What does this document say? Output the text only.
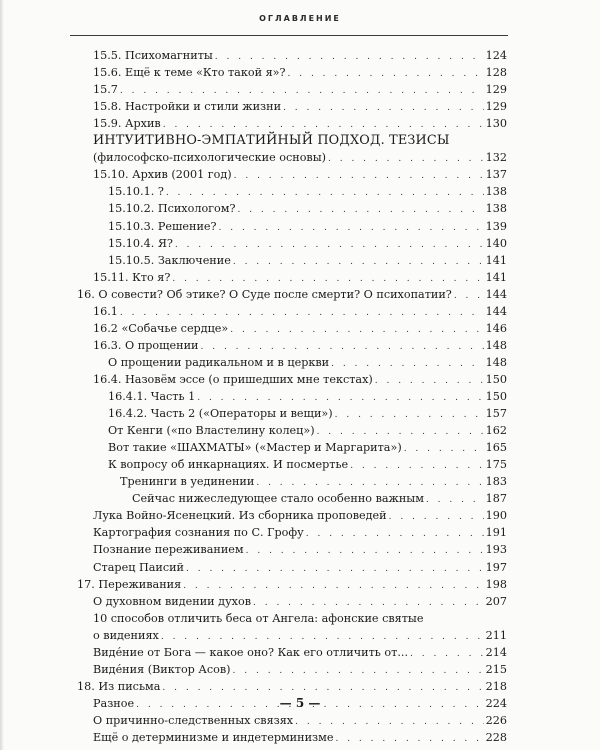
ОГЛАВЛЕНИЕ
15.5. Психомагниты . . .	124
15.6. Ещё к теме «Кто такой я»? . . .	128
15.7 . . .	129
15.8. Настройки и стили жизни . . .	129
15.9. Архив . . .	130
ИНТУИТИВНО-ЭМПАТИЙНЫЙ ПОДХОД. ТЕЗИСЫ
(философско-психологические основы) . . .	132
15.10. Архив (2001 год) . . .	137
15.10.1. ? . . .	138
15.10.2. Психологом? . . .	138
15.10.3. Решение? . . .	139
15.10.4. Я? . . .	140
15.10.5. Заключение . . .	141
15.11. Кто я? . . .	141
16. О совести? Об этике? О Суде после смерти? О психопатии? . . .	144
16.1 . . .	144
16.2 «Собачье сердце» . . .	146
16.3. О прощении . . .	148
О прощении радикальном и в церкви . . .	148
16.4. Назовём эссе (о пришедших мне текстах) . . .	150
16.4.1. Часть 1 . . .	150
16.4.2. Часть 2 («Операторы и вещи») . . .	157
От Кенги («по Властелину колец») . . .	162
Вот такие «ШАХМАТЫ» («Мастер и Маргарита») . . .	165
К вопросу об инкарнациях. И посмертье . . .	175
Тренинги в уединении . . .	183
Сейчас нижеследующее стало особенно важным . . .	187
Лука Войно-Ясенецкий. Из сборника проповедей . . .	190
Картография сознания по С. Грофу . . .	191
Познание переживанием . . .	193
Старец Паисий . . .	197
17. Переживания . . .	198
О духовном видении духов . . .	207
10 способов отличить беса от Ангела: афонские святые
о видениях . . .	211
Виде́ние от Бога — какое оно? Как его отличить от... . . .	214
Виде́ния (Виктор Асов) . . .	215
18. Из письма . . .	218
Разное . . .	224
О причинно-следственных связях . . .	226
Ещё о детерминизме и индетерминизме . . .	228
— 5 —
